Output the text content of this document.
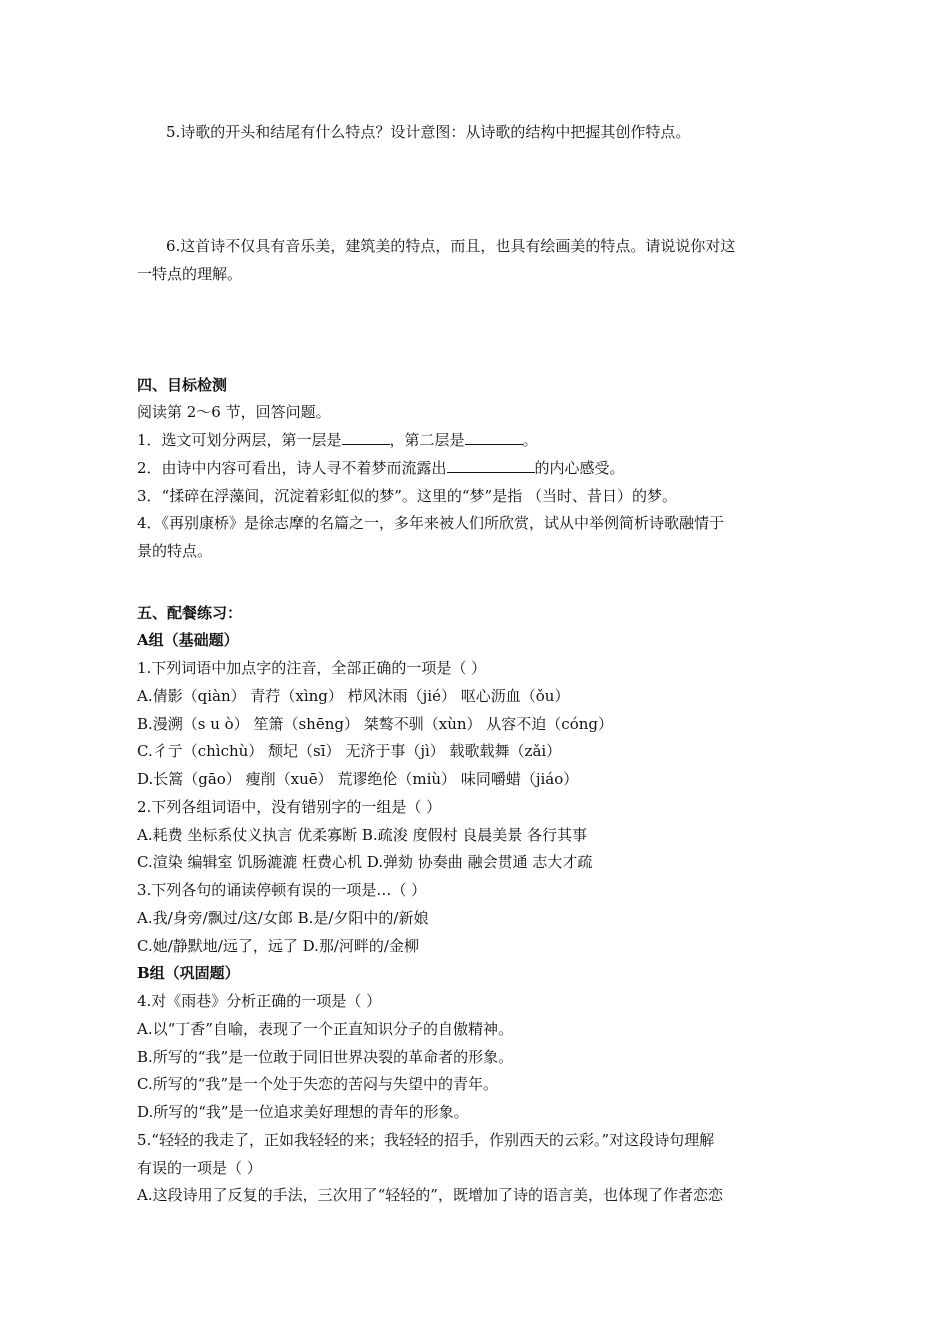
5.诗歌的开头和结尾有什么特点？设计意图：从诗歌的结构中把握其创作特点。
6.这首诗不仅具有音乐美，建筑美的特点，而且，也具有绘画美的特点。请说说你对这
一特点的理解。
四、目标检测
阅读第 2～6 节，回答问题。
1．选文可划分两层，第一层是	，第二层是	。
2．由诗中内容可看出，诗人寻不着梦而流露出	的内心感受。
3．“揉碎在浮藻间，沉淀着彩虹似的梦”。这里的“梦”是指 （当时、昔日）的梦。
4．《再别康桥》是徐志摩的名篇之一，多年来被人们所欣赏，试从中举例简析诗歌融情于
景的特点。
五、配餐练习：
A组（基础题）
1.下列词语中加点字的注音，全部正确的一项是（ ）
A.倩影（qiàn） 青荇（xìng） 栉风沐雨（jié） 呕心沥血（ǒu）
B.漫溯（s u ò） 笙箫（shēng） 桀骜不驯（xùn） 从容不迫（cóng）
C.彳亍（chìchù） 颓圮（sī） 无济于事（jì） 载歌载舞（zǎi）
D.长篙（gāo） 瘦削（xuē） 荒谬绝伦（miù） 味同嚼蜡（jiáo）
2.下列各组词语中，没有错别字的一组是（ ）
A.耗费 坐标系仗义执言 优柔寡断 B.疏浚 度假村 良晨美景 各行其事
C.渲染 编辑室 饥肠漉漉 枉费心机 D.弹劾 协奏曲 融会贯通 志大才疏
3.下列各句的诵读停顿有误的一项是…（ ）
A.我/身旁/飘过/这/女郎 B.是/夕阳中的/新娘
C.她/静默地/远了，远了 D.那/河畔的/金柳
B组（巩固题）
4.对《雨巷》分析正确的一项是（ ）
A.以“丁香”自喻，表现了一个正直知识分子的自傲精神。
B.所写的“我”是一位敢于同旧世界决裂的革命者的形象。
C.所写的“我”是一个处于失恋的苦闷与失望中的青年。
D.所写的“我”是一位追求美好理想的青年的形象。
5.“轻轻的我走了，正如我轻轻的来；我轻轻的招手，作别西天的云彩。”对这段诗句理解
有误的一项是（ ）
A.这段诗用了反复的手法，三次用了“轻轻的”，既增加了诗的语言美，也体现了作者恋恋
